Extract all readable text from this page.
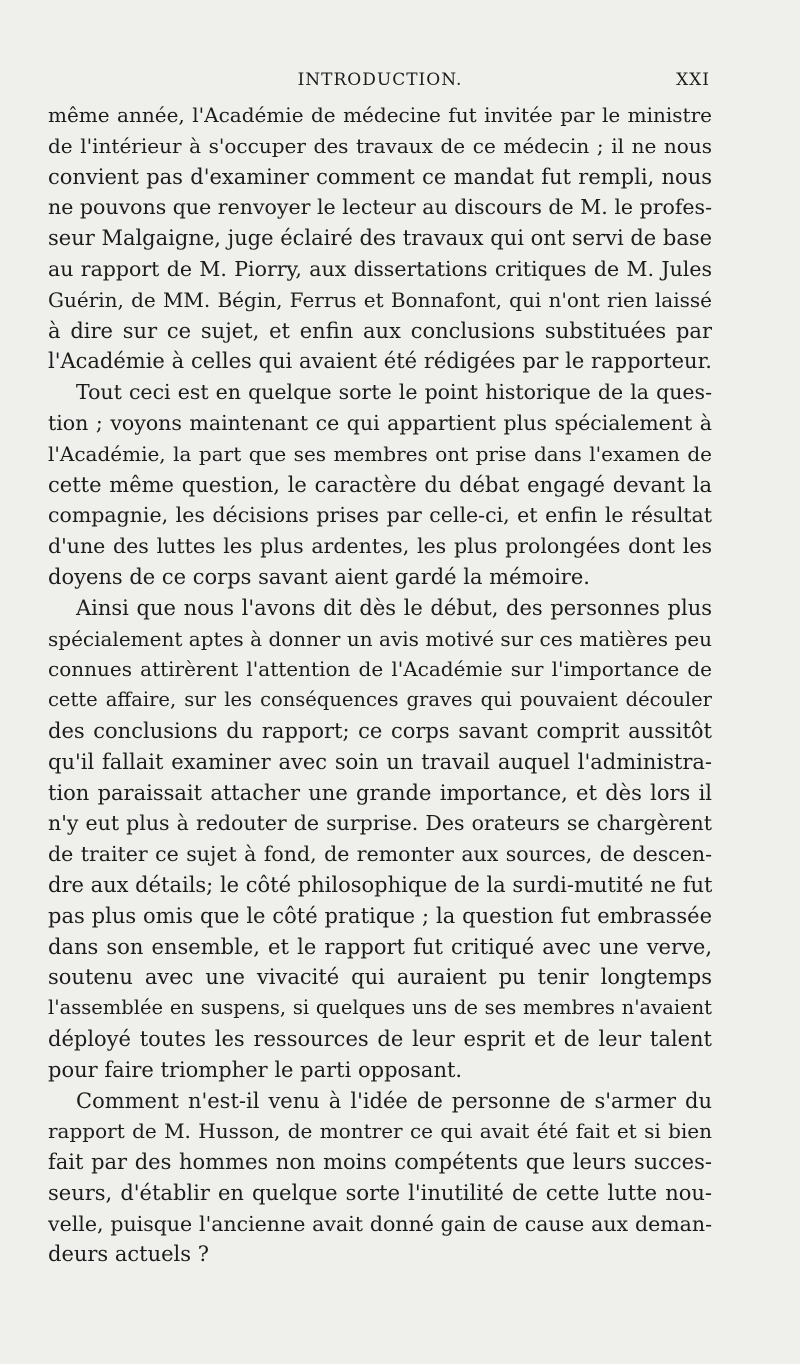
INTRODUCTION.	XXI
même année, l'Académie de médecine fut invitée par le ministre
de l'intérieur à s'occuper des travaux de ce médecin ; il ne nous
convient pas d'examiner comment ce mandat fut rempli, nous
ne pouvons que renvoyer le lecteur au discours de M. le profes-
seur Malgaigne, juge éclairé des travaux qui ont servi de base
au rapport de M. Piorry, aux dissertations critiques de M. Jules
Guérin, de MM. Bégin, Ferrus et Bonnafont, qui n'ont rien laissé
à dire sur ce sujet, et enfin aux conclusions substituées par
l'Académie à celles qui avaient été rédigées par le rapporteur.
Tout ceci est en quelque sorte le point historique de la ques-
tion ; voyons maintenant ce qui appartient plus spécialement à
l'Académie, la part que ses membres ont prise dans l'examen de
cette même question, le caractère du débat engagé devant la
compagnie, les décisions prises par celle-ci, et enfin le résultat
d'une des luttes les plus ardentes, les plus prolongées dont les
doyens de ce corps savant aient gardé la mémoire.
Ainsi que nous l'avons dit dès le début, des personnes plus
spécialement aptes à donner un avis motivé sur ces matières peu
connues attirèrent l'attention de l'Académie sur l'importance de
cette affaire, sur les conséquences graves qui pouvaient découler
des conclusions du rapport; ce corps savant comprit aussitôt
qu'il fallait examiner avec soin un travail auquel l'administra-
tion paraissait attacher une grande importance, et dès lors il
n'y eut plus à redouter de surprise. Des orateurs se chargèrent
de traiter ce sujet à fond, de remonter aux sources, de descen-
dre aux détails; le côté philosophique de la surdi-mutité ne fut
pas plus omis que le côté pratique ; la question fut embrassée
dans son ensemble, et le rapport fut critiqué avec une verve,
soutenu avec une vivacité qui auraient pu tenir longtemps
l'assemblée en suspens, si quelques uns de ses membres n'avaient
déployé toutes les ressources de leur esprit et de leur talent
pour faire triompher le parti opposant.
Comment n'est-il venu à l'idée de personne de s'armer du
rapport de M. Husson, de montrer ce qui avait été fait et si bien
fait par des hommes non moins compétents que leurs succes-
seurs, d'établir en quelque sorte l'inutilité de cette lutte nou-
velle, puisque l'ancienne avait donné gain de cause aux deman-
deurs actuels ?
